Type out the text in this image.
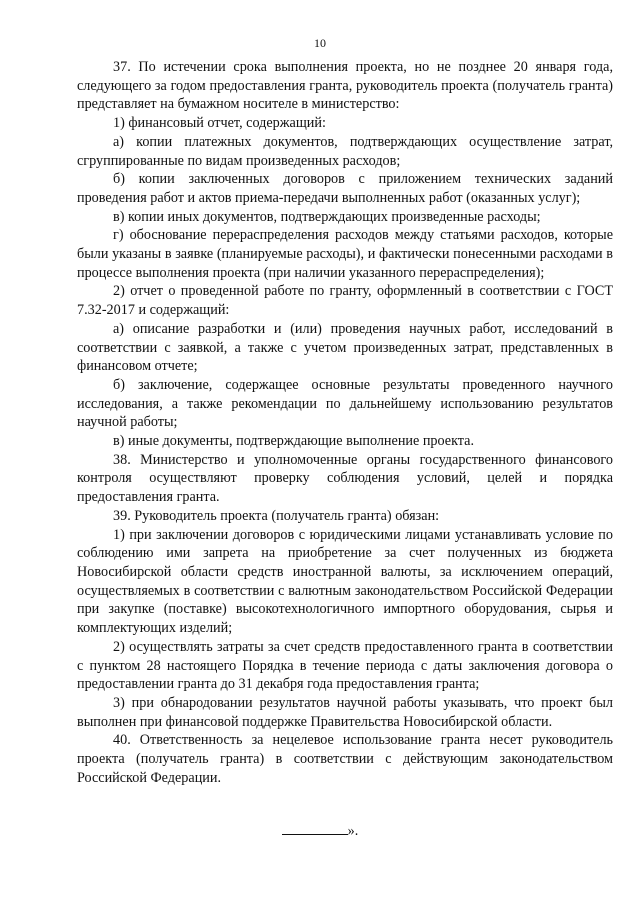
10

37. По истечении срока выполнения проекта, но не позднее 20 января года, следующего за годом предоставления гранта, руководитель проекта (получатель гранта) представляет на бумажном носителе в министерство:

1) финансовый отчет, содержащий:

а) копии платежных документов, подтверждающих осуществление затрат, сгруппированные по видам произведенных расходов;

б) копии заключенных договоров с приложением технических заданий проведения работ и актов приема-передачи выполненных работ (оказанных услуг);

в) копии иных документов, подтверждающих произведенные расходы;

г) обоснование перераспределения расходов между статьями расходов, которые были указаны в заявке (планируемые расходы), и фактически понесенными расходами в процессе выполнения проекта (при наличии указанного перераспределения);

2) отчет о проведенной работе по гранту, оформленный в соответствии с ГОСТ 7.32-2017 и содержащий:

а) описание разработки и (или) проведения научных работ, исследований в соответствии с заявкой, а также с учетом произведенных затрат, представленных в финансовом отчете;

б) заключение, содержащее основные результаты проведенного научного исследования, а также рекомендации по дальнейшему использованию результатов научной работы;

в) иные документы, подтверждающие выполнение проекта.

38. Министерство и уполномоченные органы государственного финансового контроля осуществляют проверку соблюдения условий, целей и порядка предоставления гранта.

39. Руководитель проекта (получатель гранта) обязан:

1) при заключении договоров с юридическими лицами устанавливать условие по соблюдению ими запрета на приобретение за счет полученных из бюджета Новосибирской области средств иностранной валюты, за исключением операций, осуществляемых в соответствии с валютным законодательством Российской Федерации при закупке (поставке) высокотехнологичного импортного оборудования, сырья и комплектующих изделий;

2) осуществлять затраты за счет средств предоставленного гранта в соответствии с пунктом 28 настоящего Порядка в течение периода с даты заключения договора о предоставлении гранта до 31 декабря года предоставления гранта;

3) при обнародовании результатов научной работы указывать, что проект был выполнен при финансовой поддержке Правительства Новосибирской области.

40. Ответственность за нецелевое использование гранта несет руководитель проекта (получатель гранта) в соответствии с действующим законодательством Российской Федерации.

».
